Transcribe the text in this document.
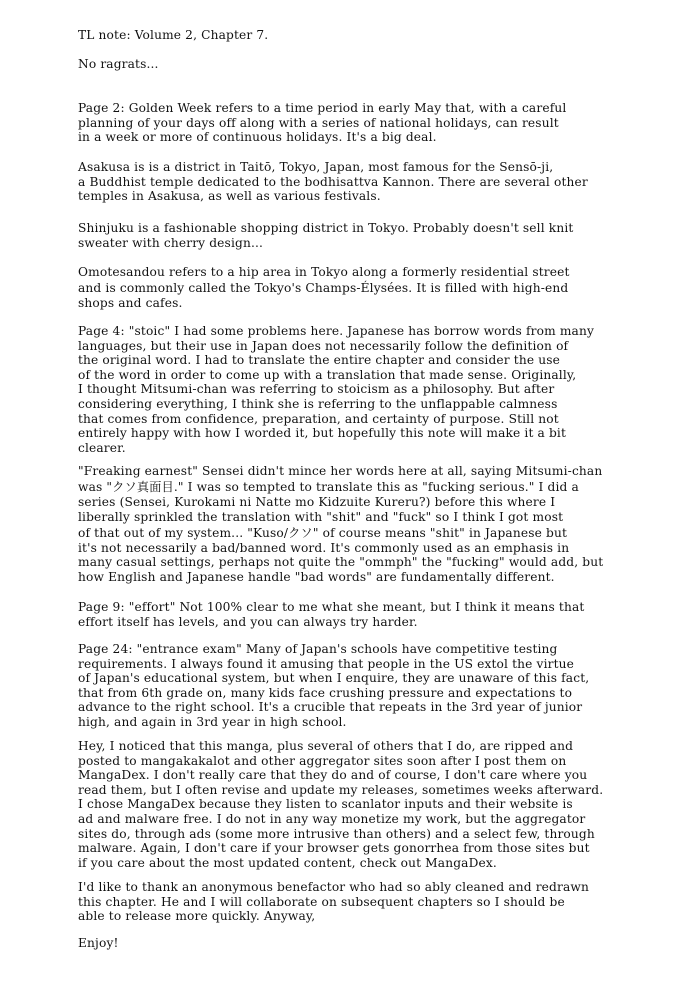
TL note: Volume 2, Chapter 7.
No ragrats...
Page 2: Golden Week refers to a time period in early May that, with a careful
planning of your days off along with a series of national holidays, can result
in a week or more of continuous holidays. It's a big deal.
Asakusa is is a district in Taitō, Tokyo, Japan, most famous for the Sensō-ji,
a Buddhist temple dedicated to the bodhisattva Kannon. There are several other
temples in Asakusa, as well as various festivals.
Shinjuku is a fashionable shopping district in Tokyo. Probably doesn't sell knit
sweater with cherry design...
Omotesandou refers to a hip area in Tokyo along a formerly residential street
and is commonly called the Tokyo's Champs-Élysées. It is filled with high-end
shops and cafes.
Page 4: "stoic" I had some problems here. Japanese has borrow words from many
languages, but their use in Japan does not necessarily follow the definition of
the original word. I had to translate the entire chapter and consider the use
of the word in order to come up with a translation that made sense. Originally,
I thought Mitsumi-chan was referring to stoicism as a philosophy. But after
considering everything, I think she is referring to the unflappable calmness
that comes from confidence, preparation, and certainty of purpose. Still not
entirely happy with how I worded it, but hopefully this note will make it a bit
clearer.
"Freaking earnest" Sensei didn't mince her words here at all, saying Mitsumi-chan
was "クソ真面目." I was so tempted to translate this as "fucking serious." I did a
series (Sensei, Kurokami ni Natte mo Kidzuite Kureru?) before this where I
liberally sprinkled the translation with "shit" and "fuck" so I think I got most
of that out of my system... "Kuso/クソ" of course means "shit" in Japanese but
it's not necessarily a bad/banned word. It's commonly used as an emphasis in
many casual settings, perhaps not quite the "ommph" the "fucking" would add, but
how English and Japanese handle "bad words" are fundamentally different.
Page 9: "effort" Not 100% clear to me what she meant, but I think it means that
effort itself has levels, and you can always try harder.
Page 24: "entrance exam" Many of Japan's schools have competitive testing
requirements. I always found it amusing that people in the US extol the virtue
of Japan's educational system, but when I enquire, they are unaware of this fact,
that from 6th grade on, many kids face crushing pressure and expectations to
advance to the right school. It's a crucible that repeats in the 3rd year of junior
high, and again in 3rd year in high school.
Hey, I noticed that this manga, plus several of others that I do, are ripped and
posted to mangakakalot and other aggregator sites soon after I post them on
MangaDex. I don't really care that they do and of course, I don't care where you
read them, but I often revise and update my releases, sometimes weeks afterward.
I chose MangaDex because they listen to scanlator inputs and their website is
ad and malware free. I do not in any way monetize my work, but the aggregator
sites do, through ads (some more intrusive than others) and a select few, through
malware. Again, I don't care if your browser gets gonorrhea from those sites but
if you care about the most updated content, check out MangaDex.
I'd like to thank an anonymous benefactor who had so ably cleaned and redrawn
this chapter. He and I will collaborate on subsequent chapters so I should be
able to release more quickly. Anyway,
Enjoy!
